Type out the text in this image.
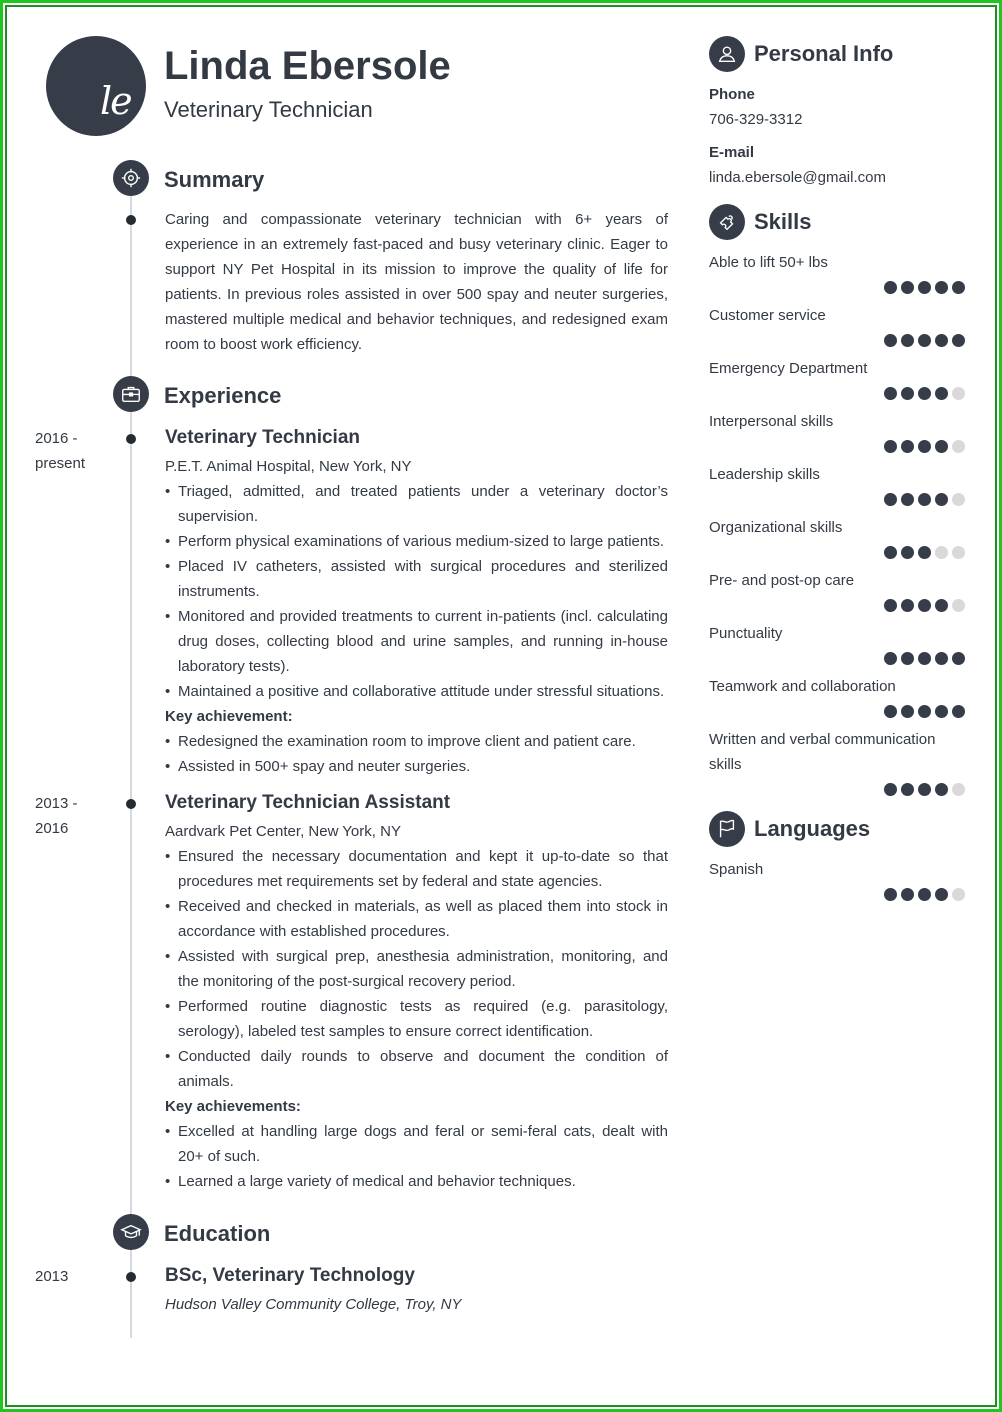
le
Linda Ebersole
Veterinary Technician
Summary

Caring and compassionate veterinary technician with 6+ years of experience in an extremely fast-paced and busy veterinary clinic. Eager to support NY Pet Hospital in its mission to improve the quality of life for patients. In previous roles assisted in over 500 spay and neuter surgeries, mastered multiple medical and behavior techniques, and redesigned exam room to boost work efficiency.

Experience
2016 -
present
Veterinary Technician
P.E.T. Animal Hospital, New York, NY
• Triaged, admitted, and treated patients under a veterinary doctor’s supervision.
• Perform physical examinations of various medium-sized to large patients.
• Placed IV catheters, assisted with surgical procedures and sterilized instruments.
• Monitored and provided treatments to current in-patients (incl. calculating drug doses, collecting blood and urine samples, and running in-house laboratory tests).
• Maintained a positive and collaborative attitude under stressful situations.
Key achievement:
• Redesigned the examination room to improve client and patient care.
• Assisted in 500+ spay and neuter surgeries.
2013 -
2016
Veterinary Technician Assistant
Aardvark Pet Center, New York, NY
• Ensured the necessary documentation and kept it up-to-date so that procedures met requirements set by federal and state agencies.
• Received and checked in materials, as well as placed them into stock in accordance with established procedures.
• Assisted with surgical prep, anesthesia administration, monitoring, and the monitoring of the post-surgical recovery period.
• Performed routine diagnostic tests as required (e.g. parasitology, serology), labeled test samples to ensure correct identification.
• Conducted daily rounds to observe and document the condition of animals.
Key achievements:
• Excelled at handling large dogs and feral or semi-feral cats, dealt with 20+ of such.
• Learned a large variety of medical and behavior techniques.
Education
2013	BSc, Veterinary Technology
Hudson Valley Community College, Troy, NY
Personal Info
Phone
706-329-3312
E-mail
linda.ebersole@gmail.com
Skills
Able to lift 50+ lbs
Customer service
Emergency Department
Interpersonal skills
Leadership skills
Organizational skills
Pre- and post-op care
Punctuality
Teamwork and collaboration
Written and verbal communication skills
Languages
Spanish
